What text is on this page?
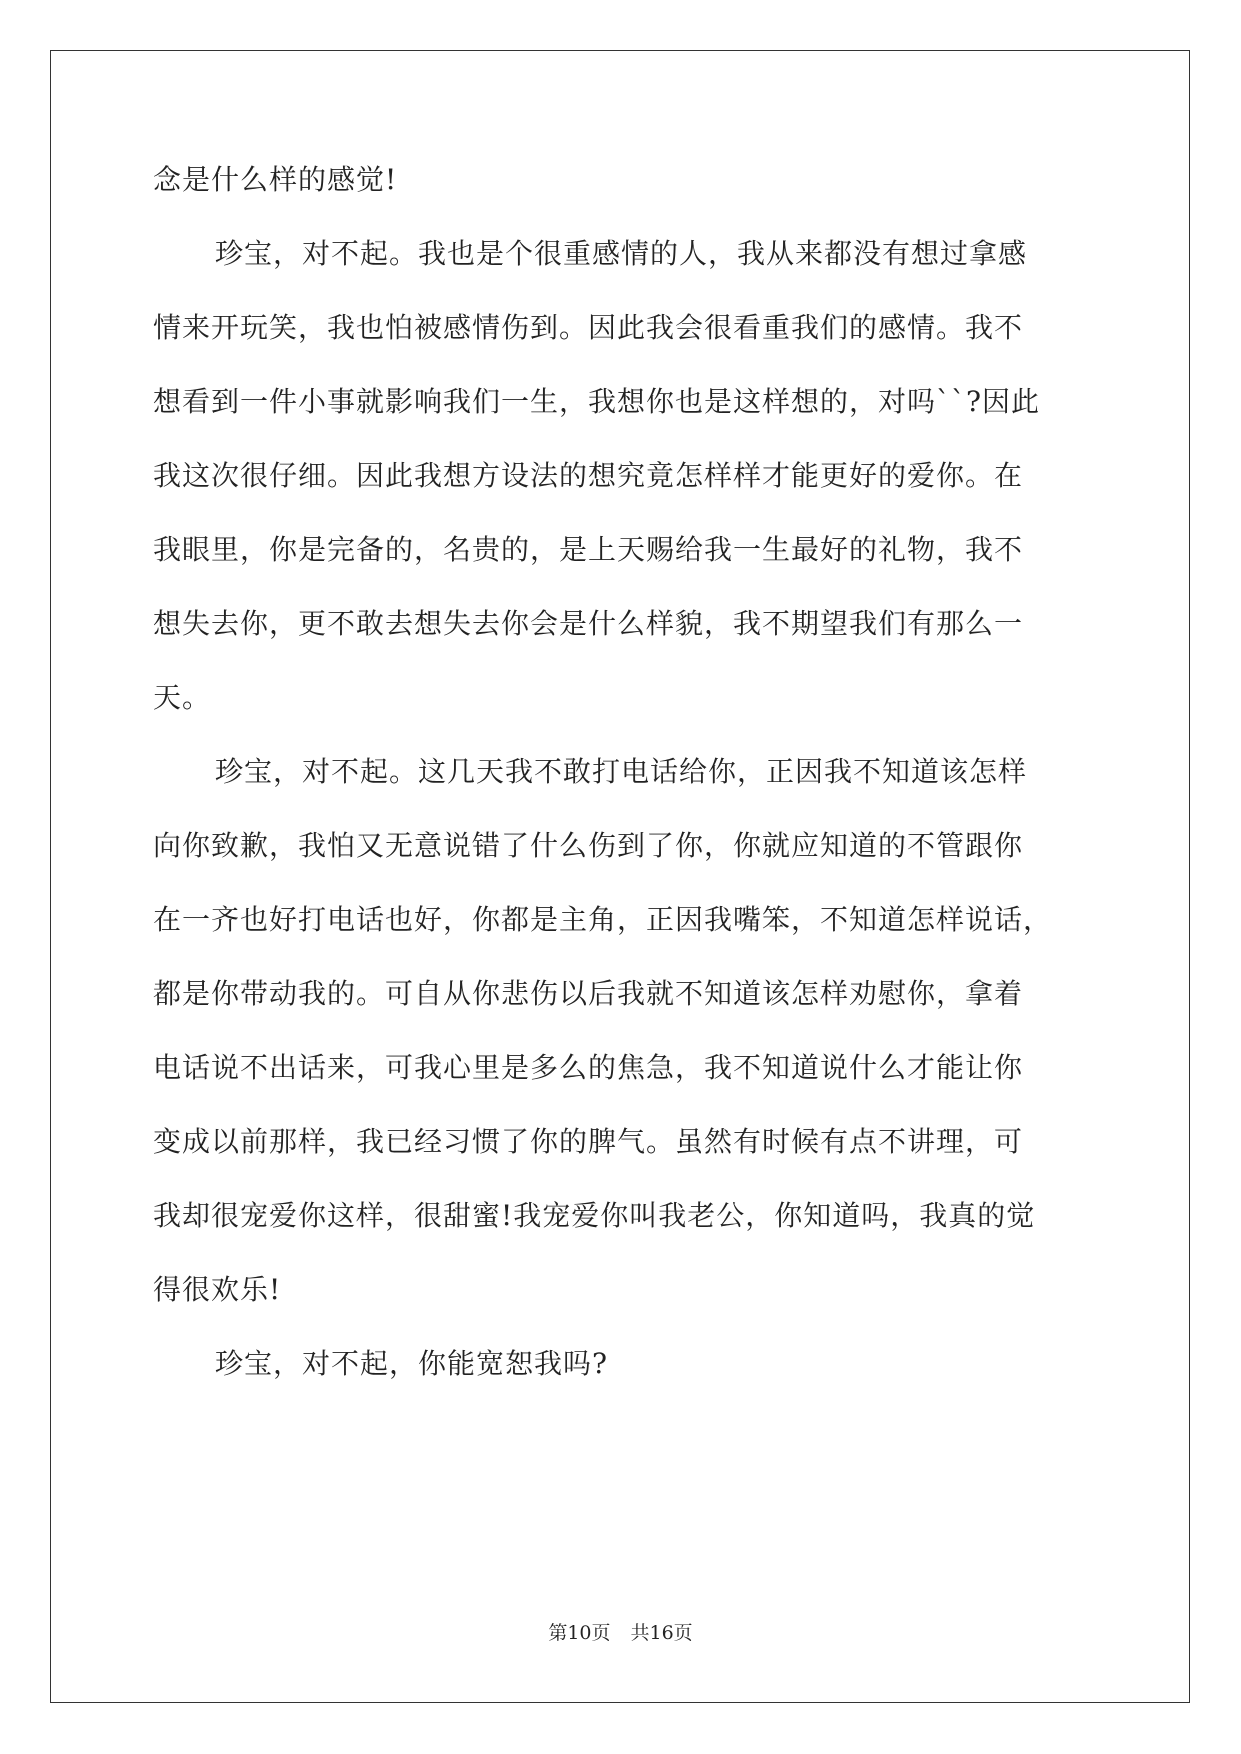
念是什么样的感觉!
珍宝，对不起。我也是个很重感情的人，我从来都没有想过拿感
情来开玩笑，我也怕被感情伤到。因此我会很看重我们的感情。我不
想看到一件小事就影响我们一生，我想你也是这样想的，对吗``?因此
我这次很仔细。因此我想方设法的想究竟怎样样才能更好的爱你。在
我眼里，你是完备的，名贵的，是上天赐给我一生最好的礼物，我不
想失去你，更不敢去想失去你会是什么样貌，我不期望我们有那么一
天。
珍宝，对不起。这几天我不敢打电话给你，正因我不知道该怎样
向你致歉，我怕又无意说错了什么伤到了你，你就应知道的不管跟你
在一齐也好打电话也好，你都是主角，正因我嘴笨，不知道怎样说话，
都是你带动我的。可自从你悲伤以后我就不知道该怎样劝慰你，拿着
电话说不出话来，可我心里是多么的焦急，我不知道说什么才能让你
变成以前那样，我已经习惯了你的脾气。虽然有时候有点不讲理，可
我却很宠爱你这样，很甜蜜!我宠爱你叫我老公，你知道吗，我真的觉
得很欢乐!
珍宝，对不起，你能宽恕我吗?
第10页 共16页
